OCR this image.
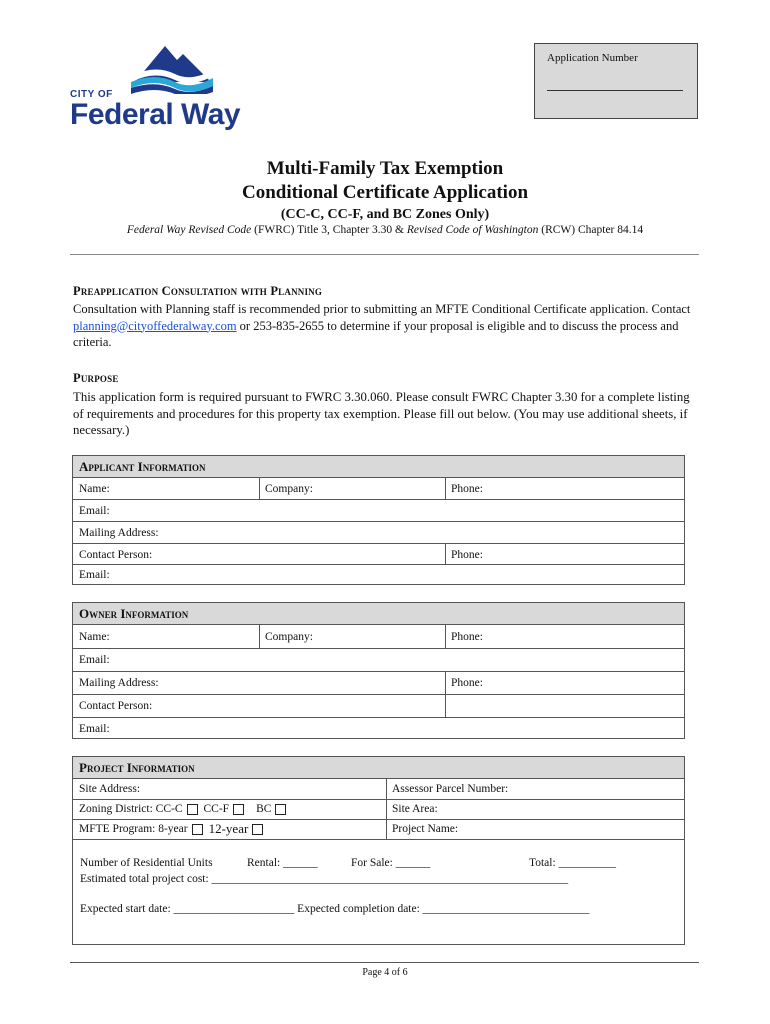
CITY OF
Federal Way
Application Number
Multi-Family Tax Exemption
Conditional Certificate Application
(CC-C, CC-F, and BC Zones Only)
Federal Way Revised Code (FWRC) Title 3, Chapter 3.30 & Revised Code of Washington (RCW) Chapter 84.14
Preapplication Consultation with Planning
Consultation with Planning staff is recommended prior to submitting an MFTE Conditional Certificate application. Contact planning@cityoffederalway.com or 253-835-2655 to determine if your proposal is eligible and to discuss the process and criteria.
Purpose
This application form is required pursuant to FWRC 3.30.060. Please consult FWRC Chapter 3.30 for a complete listing of requirements and procedures for this property tax exemption. Please fill out below. (You may use additional sheets, if necessary.)
Applicant Information
Name:	Company:	Phone:
Email:
Mailing Address:
Contact Person:	Phone:
Email:
Owner Information
Name:	Company:	Phone:
Email:
Mailing Address:	Phone:
Contact Person:
Email:
Project Information
Site Address:	Assessor Parcel Number:
Zoning District: CC-C CC-F BC	Site Area:
MFTE Program: 8-year 12-year	Project Name:
Number of Residential Units	Rental: ______	For Sale: ______	Total: __________
Estimated total project cost: ______________________________________________________________
Expected start date: _____________________ Expected completion date: _____________________________
Page 4 of 6
